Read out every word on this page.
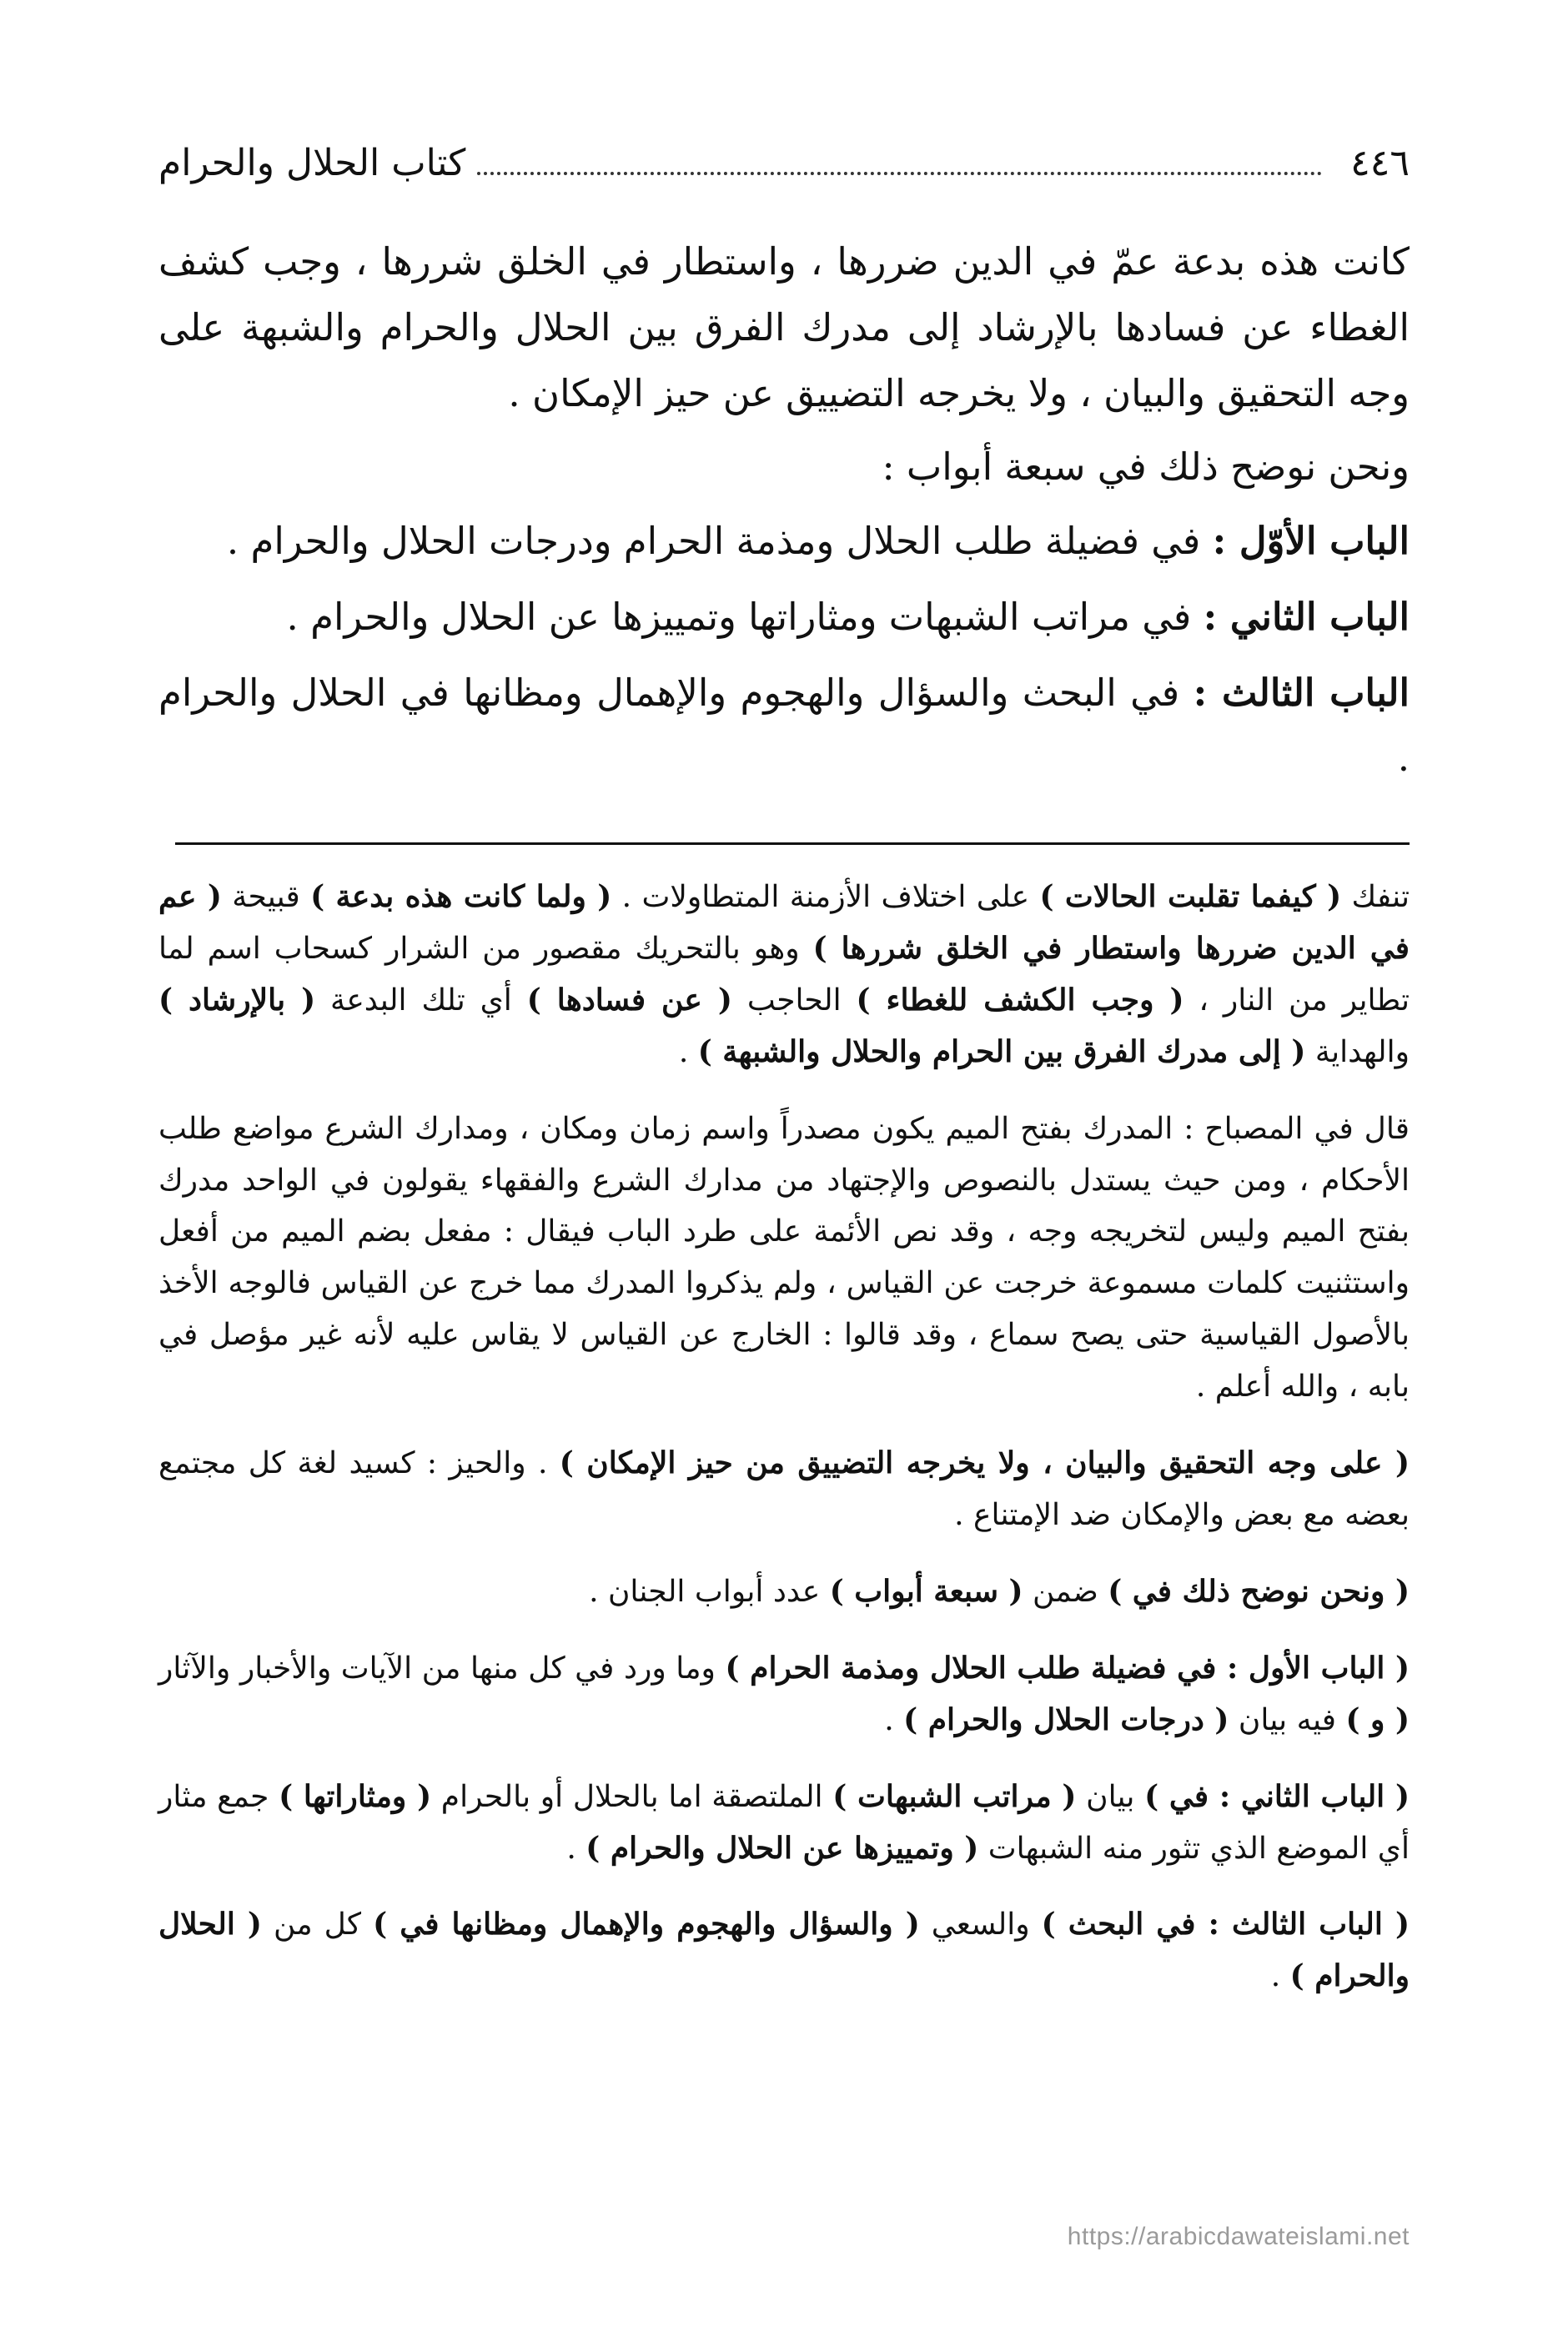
٤٤٦
كتاب الحلال والحرام

كانت هذه بدعة عمّ في الدين ضررها ، واستطار في الخلق شررها ، وجب كشف الغطاء عن فسادها بالإرشاد إلى مدرك الفرق بين الحلال والحرام والشبهة على وجه التحقيق والبيان ، ولا يخرجه التضييق عن حيز الإمكان .

ونحن نوضح ذلك في سبعة أبواب :

الباب الأوّل : في فضيلة طلب الحلال ومذمة الحرام ودرجات الحلال والحرام .

الباب الثاني : في مراتب الشبهات ومثاراتها وتمييزها عن الحلال والحرام .

الباب الثالث : في البحث والسؤال والهجوم والإهمال ومظانها في الحلال والحرام .

تنفك ( كيفما تقلبت الحالات ) على اختلاف الأزمنة المتطاولات . ( ولما كانت هذه بدعة ) قبيحة ( عم في الدين ضررها واستطار في الخلق شررها ) وهو بالتحريك مقصور من الشرار كسحاب اسم لما تطاير من النار ، ( وجب الكشف للغطاء ) الحاجب ( عن فسادها ) أي تلك البدعة ( بالإرشاد ) والهداية ( إلى مدرك الفرق بين الحرام والحلال والشبهة ) .

قال في المصباح : المدرك بفتح الميم يكون مصدراً واسم زمان ومكان ، ومدارك الشرع مواضع طلب الأحكام ، ومن حيث يستدل بالنصوص والإجتهاد من مدارك الشرع والفقهاء يقولون في الواحد مدرك بفتح الميم وليس لتخريجه وجه ، وقد نص الأئمة على طرد الباب فيقال : مفعل بضم الميم من أفعل واستثنيت كلمات مسموعة خرجت عن القياس ، ولم يذكروا المدرك مما خرج عن القياس فالوجه الأخذ بالأصول القياسية حتى يصح سماع ، وقد قالوا : الخارج عن القياس لا يقاس عليه لأنه غير مؤصل في بابه ، والله أعلم .

( على وجه التحقيق والبيان ، ولا يخرجه التضييق من حيز الإمكان ) . والحيز : كسيد لغة كل مجتمع بعضه مع بعض والإمكان ضد الإمتناع .

( ونحن نوضح ذلك في ) ضمن ( سبعة أبواب ) عدد أبواب الجنان .

( الباب الأول : في فضيلة طلب الحلال ومذمة الحرام ) وما ورد في كل منها من الآيات والأخبار والآثار ( و ) فيه بيان ( درجات الحلال والحرام ) .

( الباب الثاني : في ) بيان ( مراتب الشبهات ) الملتصقة اما بالحلال أو بالحرام ( ومثاراتها ) جمع مثار أي الموضع الذي تثور منه الشبهات ( وتمييزها عن الحلال والحرام ) .

( الباب الثالث : في البحث ) والسعي ( والسؤال والهجوم والإهمال ومظانها في ) كل من ( الحلال والحرام ) .

https://arabicdawateislami.net
